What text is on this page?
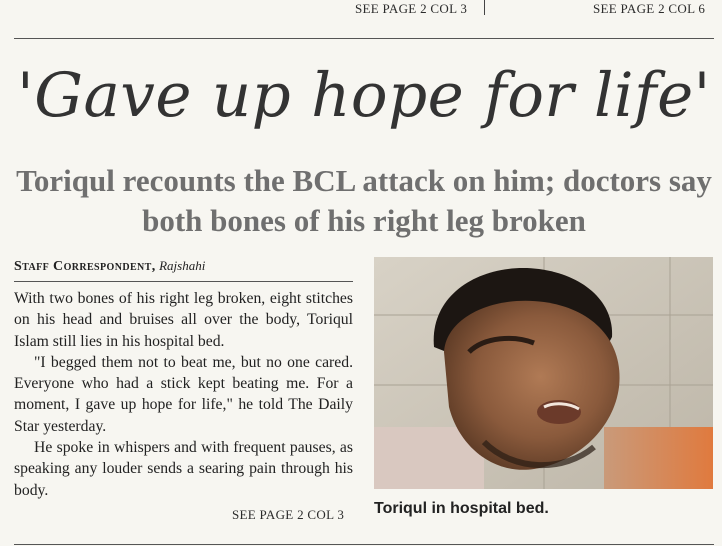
SEE PAGE 2 COL 3	SEE PAGE 2 COL 6
'Gave up hope for life'
Toriqul recounts the BCL attack on him; doctors say both bones of his right leg broken
Staff Correspondent, Rajshahi

With two bones of his right leg broken, eight stitches on his head and bruises all over the body, Toriqul Islam still lies in his hospital bed.

"I begged them not to beat me, but no one cared. Everyone who had a stick kept beating me. For a moment, I gave up hope for life," he told The Daily Star yesterday.

He spoke in whispers and with frequent pauses, as speaking any louder sends a searing pain through his body.

SEE PAGE 2 COL 3 Toriqul in hospital bed.
